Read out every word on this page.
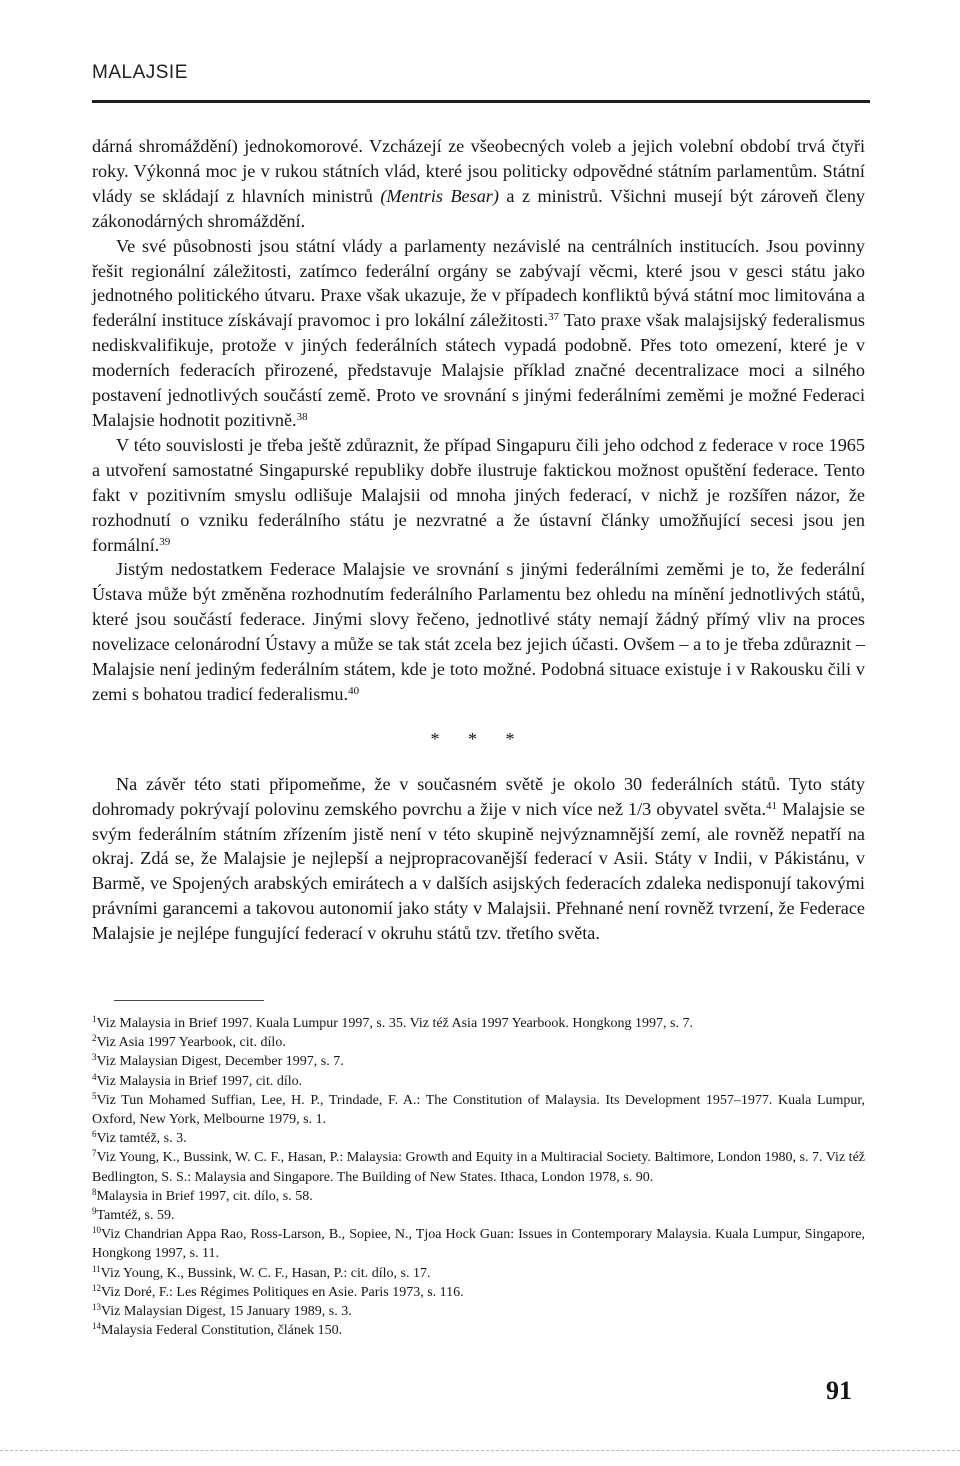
MALAJSIE

dárná shromáždění) jednokomorové. Vzcházejí ze všeobecných voleb a jejich volební období trvá čtyři roky. Výkonná moc je v rukou státních vlád, které jsou politicky odpovědné státním parlamentům. Státní vlády se skládají z hlavních ministrů (Mentris Besar) a z ministrů. Všichni musejí být zároveň členy zákonodárných shromáždění.

Ve své působnosti jsou státní vlády a parlamenty nezávislé na centrálních institucích. Jsou povinny řešit regionální záležitosti, zatímco federální orgány se zabývají věcmi, které jsou v gesci státu jako jednotného politického útvaru. Praxe však ukazuje, že v případech konfliktů bývá státní moc limitována a federální instituce získávají pravomoc i pro lokální záležitosti.$^{37}$ Tato praxe však malajsijský federalismus nediskvalifikuje, protože v jiných federálních státech vypadá podobně. Přes toto omezení, které je v moderních federacích přirozené, představuje Malajsie příklad značné decentralizace moci a silného postavení jednotlivých součástí země. Proto ve srovnání s jinými federálními zeměmi je možné Federaci Malajsie hodnotit pozitivně.$^{38}$

V této souvislosti je třeba ještě zdůraznit, že případ Singapuru čili jeho odchod z federace v roce 1965 a utvoření samostatné Singapurské republiky dobře ilustruje faktickou možnost opuštění federace. Tento fakt v pozitivním smyslu odlišuje Malajsii od mnoha jiných federací, v nichž je rozšířen názor, že rozhodnutí o vzniku federálního státu je nezvratné a že ústavní články umožňující secesi jsou jen formální.$^{39}$

Jistým nedostatkem Federace Malajsie ve srovnání s jinými federálními zeměmi je to, že federální Ústava může být změněna rozhodnutím federálního Parlamentu bez ohledu na mínění jednotlivých států, které jsou součástí federace. Jinými slovy řečeno, jednotlivé státy nemají žádný přímý vliv na proces novelizace celonárodní Ústavy a může se tak stát zcela bez jejich účasti. Ovšem – a to je třeba zdůraznit – Malajsie není jediným federálním státem, kde je toto možné. Podobná situace existuje i v Rakousku čili v zemi s bohatou tradicí federalismu.$^{40}$

* * *

Na závěr této stati připomeňme, že v současném světě je okolo 30 federálních států. Tyto státy dohromady pokrývají polovinu zemského povrchu a žije v nich více než 1/3 obyvatel světa.$^{41}$ Malajsie se svým federálním státním zřízením jistě není v této skupině nejvýznamnější zemí, ale rovněž nepatří na okraj. Zdá se, že Malajsie je nejlepší a nejpropracovanější federací v Asii. Státy v Indii, v Pákistánu, v Barmě, ve Spojených arabských emirátech a v dalších asijských federacích zdaleka nedisponují takovými právními garancemi a takovou autonomií jako státy v Malajsii. Přehnané není rovněž tvrzení, že Federace Malajsie je nejlépe fungující federací v okruhu států tzv. třetího světa.

$^1$Viz Malaysia in Brief 1997. Kuala Lumpur 1997, s. 35. Viz též Asia 1997 Yearbook. Hongkong 1997, s. 7.

$^2$Viz Asia 1997 Yearbook, cit. dílo.

$^3$Viz Malaysian Digest, December 1997, s. 7.

$^4$Viz Malaysia in Brief 1997, cit. dílo.

$^5$Viz Tun Mohamed Suffian, Lee, H. P., Trindade, F. A.: The Constitution of Malaysia. Its Development 1957–1977. Kuala Lumpur, Oxford, New York, Melbourne 1979, s. 1.

$^6$Viz tamtéž, s. 3.

$^7$Viz Young, K., Bussink, W. C. F., Hasan, P.: Malaysia: Growth and Equity in a Multiracial Society. Baltimore, London 1980, s. 7. Viz též Bedlington, S. S.: Malaysia and Singapore. The Building of New States. Ithaca, London 1978, s. 90.

$^8$Malaysia in Brief 1997, cit. dílo, s. 58.

$^9$Tamtéž, s. 59.

$^{10}$Viz Chandrian Appa Rao, Ross-Larson, B., Sopiee, N., Tjoa Hock Guan: Issues in Contemporary Malaysia. Kuala Lumpur, Singapore, Hongkong 1997, s. 11.

$^{11}$Viz Young, K., Bussink, W. C. F., Hasan, P.: cit. dílo, s. 17.

$^{12}$Viz Doré, F.: Les Régimes Politiques en Asie. Paris 1973, s. 116.

$^{13}$Viz Malaysian Digest, 15 January 1989, s. 3.

$^{14}$Malaysia Federal Constitution, článek 150.

91
